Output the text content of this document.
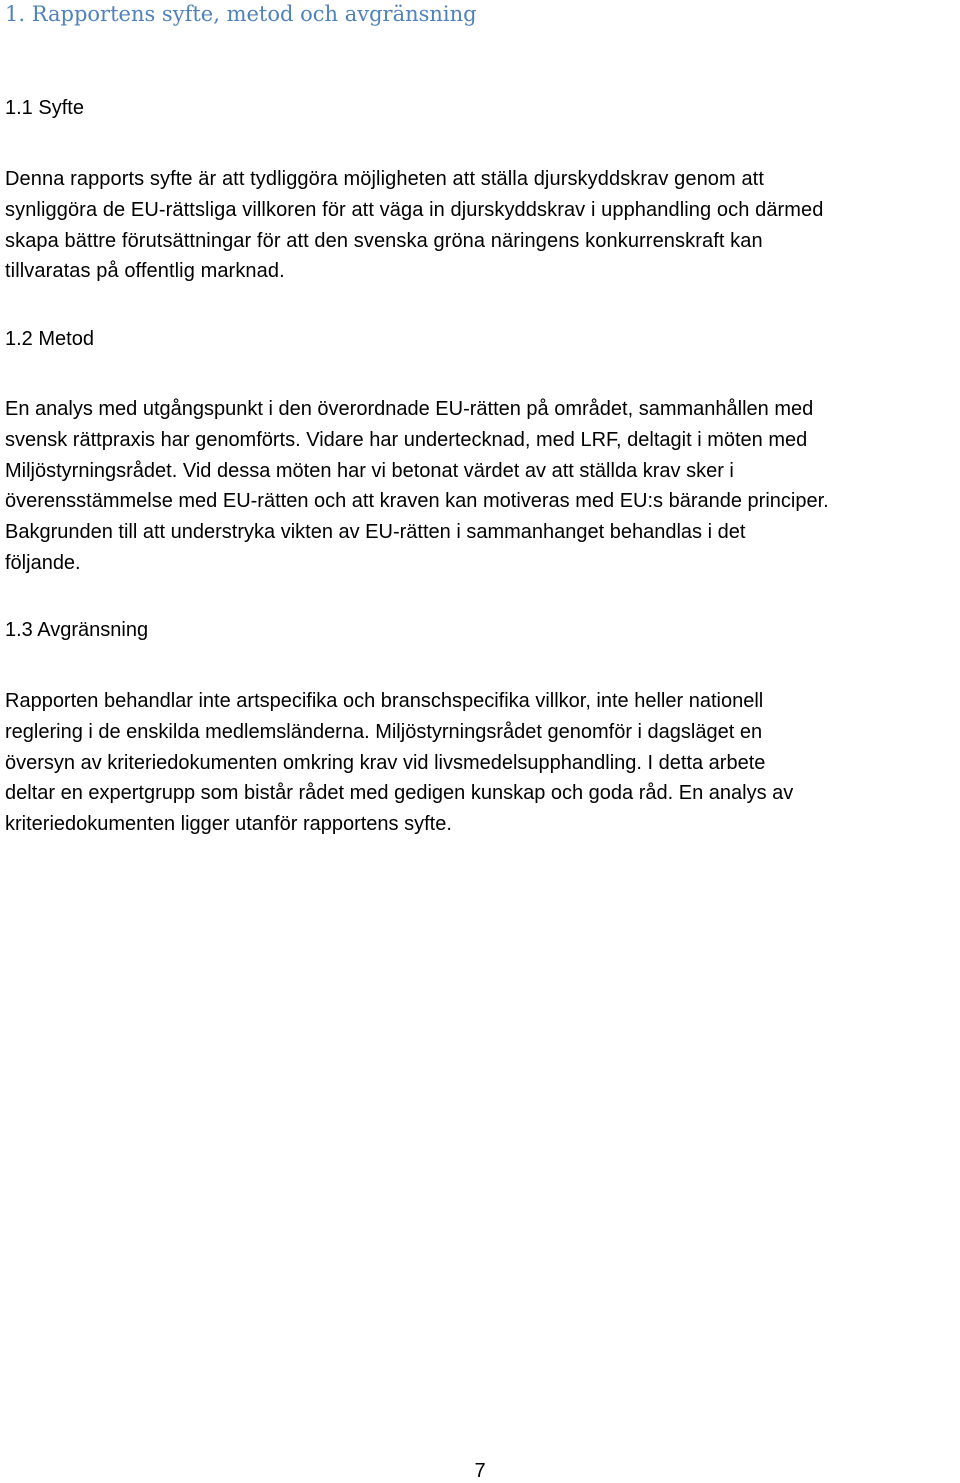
1. Rapportens syfte, metod och avgränsning
1.1 Syfte

Denna rapports syfte är att tydliggöra möjligheten att ställa djurskyddskrav genom att
synliggöra de EU-rättsliga villkoren för att väga in djurskyddskrav i upphandling och därmed
skapa bättre förutsättningar för att den svenska gröna näringens konkurrenskraft kan
tillvaratas på offentlig marknad.

1.2 Metod

En analys med utgångspunkt i den överordnade EU-rätten på området, sammanhållen med
svensk rättpraxis har genomförts. Vidare har undertecknad, med LRF, deltagit i möten med
Miljöstyrningsrådet. Vid dessa möten har vi betonat värdet av att ställda krav sker i
överensstämmelse med EU-rätten och att kraven kan motiveras med EU:s bärande principer.
Bakgrunden till att understryka vikten av EU-rätten i sammanhanget behandlas i det
följande.

1.3 Avgränsning

Rapporten behandlar inte artspecifika och branschspecifika villkor, inte heller nationell
reglering i de enskilda medlemsländerna. Miljöstyrningsrådet genomför i dagsläget en
översyn av kriteriedokumenten omkring krav vid livsmedelsupphandling. I detta arbete
deltar en expertgrupp som bistår rådet med gedigen kunskap och goda råd. En analys av
kriteriedokumenten ligger utanför rapportens syfte.

7
